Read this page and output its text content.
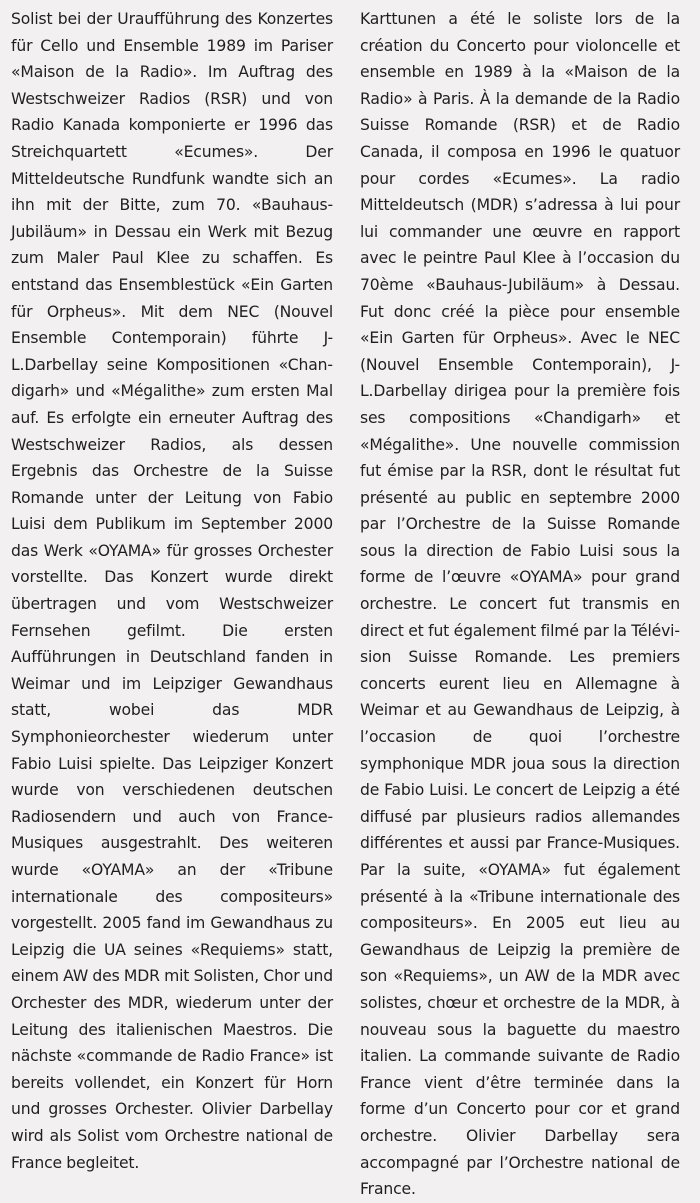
Solist bei der Uraufführung des Konzertes für Cello und Ensemble 1989 im Pariser «Maison de la Radio». Im Auftrag des Westschweizer Radios (RSR) und von Radio Kanada komponierte er 1996 das Streichquartett «Ecumes». Der Mitteldeutsche Rundfunk wandte sich an ihn mit der Bitte, zum 70. «Bauhaus-Jubiläum» in Dessau ein Werk mit Bezug zum Maler Paul Klee zu schaffen. Es entstand das Ensemblestück «Ein Garten für Orpheus». Mit dem NEC (Nouvel Ensemble Contemporain) führte J-L.Darbellay seine Kompositionen «Chandigarh» und «Mégalithe» zum ersten Mal auf. Es erfolgte ein erneuter Auftrag des Westschweizer Radios, als dessen Ergebnis das Orchestre de la Suisse Romande unter der Leitung von Fabio Luisi dem Publikum im September 2000 das Werk «OYAMA» für grosses Orchester vorstellte. Das Konzert wurde direkt übertragen und vom Westschweizer Fernsehen gefilmt. Die ersten Aufführungen in Deutschland fanden in Weimar und im Leipziger Gewandhaus statt, wobei das MDR Symphonieorchester wiederum unter Fabio Luisi spielte. Das Leipziger Konzert wurde von verschiedenen deutschen Radiosendern und auch von France-Musiques ausgestrahlt. Des weiteren wurde «OYAMA» an der «Tribune internationale des compositeurs» vorgestellt. 2005 fand im Gewandhaus zu Leipzig die UA seines «Requiems» statt, einem AW des MDR mit Solisten, Chor und Orchester des MDR, wiederum unter der Leitung des italienischen Maestros. Die nächste «commande de Radio France» ist bereits vollendet, ein Konzert für Horn und grosses Orchester. Olivier Darbellay wird als Solist vom Orchestre national de France begleitet.

Karttunen a été le soliste lors de la création du Concerto pour violoncelle et ensemble en 1989 à la «Maison de la Radio» à Paris. À la demande de la Radio Suisse Romande (RSR) et de Radio Canada, il composa en 1996 le quatuor pour cordes «Ecumes». La radio Mitteldeutsch (MDR) s’adressa à lui pour lui commander une œuvre en rapport avec le peintre Paul Klee à l’occasion du 70ème «Bauhaus-Jubiläum» à Dessau. Fut donc créé la pièce pour ensemble «Ein Garten für Orpheus». Avec le NEC (Nouvel Ensemble Contemporain), J-L.Darbellay dirigea pour la première fois ses compositions «Chandigarh» et «Mégalithe». Une nouvelle commission fut émise par la RSR, dont le résultat fut présenté au public en septembre 2000 par l’Orchestre de la Suisse Romande sous la direction de Fabio Luisi sous la forme de l’œuvre «OYAMA» pour grand orchestre. Le concert fut transmis en direct et fut également filmé par la Télévision Suisse Romande. Les premiers concerts eurent lieu en Allemagne à Weimar et au Gewandhaus de Leipzig, à l’occasion de quoi l’orchestre symphonique MDR joua sous la direction de Fabio Luisi. Le concert de Leipzig a été diffusé par plusieurs radios allemandes différentes et aussi par France-Musiques. Par la suite, «OYAMA» fut également présenté à la «Tribune internationale des compositeurs». En 2005 eut lieu au Gewandhaus de Leipzig la première de son «Requiems», un AW de la MDR avec solistes, chœur et orchestre de la MDR, à nouveau sous la baguette du maestro italien. La commande suivante de Radio France vient d’être terminée dans la forme d’un Concerto pour cor et grand orchestre. Olivier Darbellay sera accompagné par l’Orchestre national de France.
